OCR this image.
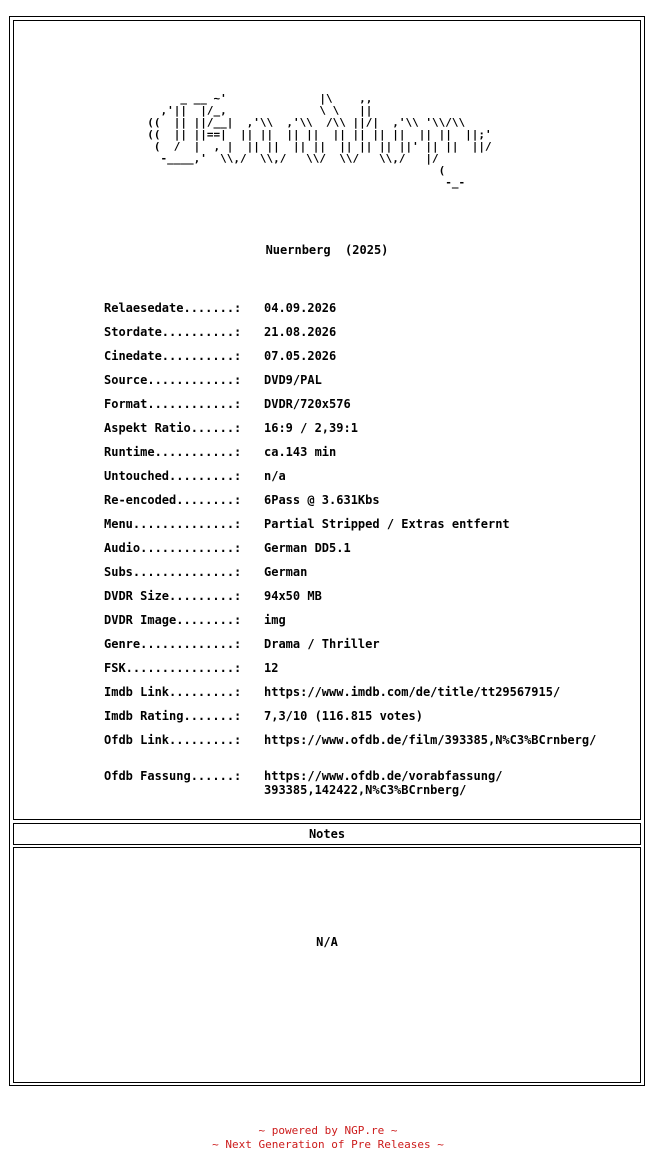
_ __ ~'              |\    ,,
,'||  |/_,              \ \   ||
((  || ||/__|  ,'\\  ,'\\  /\\ ||/|  ,'\\ '\\/\\
((  || ||==|  || ||  || ||  || || || ||  || ||  ||;'
(  /  |  , |  || ||  || ||  || || || ||' || ||  ||/
-____,'  \\,/  \\,/   \\/  \\/   \\,/   |/
(
-_-
Nuernberg  (2025)
Relaesedate.......:	04.09.2026
Stordate..........:	21.08.2026
Cinedate..........:	07.05.2026
Source............:	DVD9/PAL
Format............:	DVDR/720x576
Aspekt Ratio......:	16:9 / 2,39:1
Runtime...........:	ca.143 min
Untouched.........:	n/a
Re-encoded........:	6Pass @ 3.631Kbs
Menu..............:	Partial Stripped / Extras entfernt
Audio.............:	German DD5.1
Subs..............:	German
DVDR Size.........:	94x50 MB
DVDR Image........:	img
Genre.............:	Drama / Thriller
FSK...............:	12
Imdb Link.........:	https://www.imdb.com/de/title/tt29567915/
Imdb Rating.......:	7,3/10 (116.815 votes)
Ofdb Link.........:	https://www.ofdb.de/film/393385,N%C3%BCrnberg/
Ofdb Fassung......:	https://www.ofdb.de/vorabfassung/
393385,142422,N%C3%BCrnberg/
Notes
N/A
~ powered by NGP.re ~
~ Next Generation of Pre Releases ~
